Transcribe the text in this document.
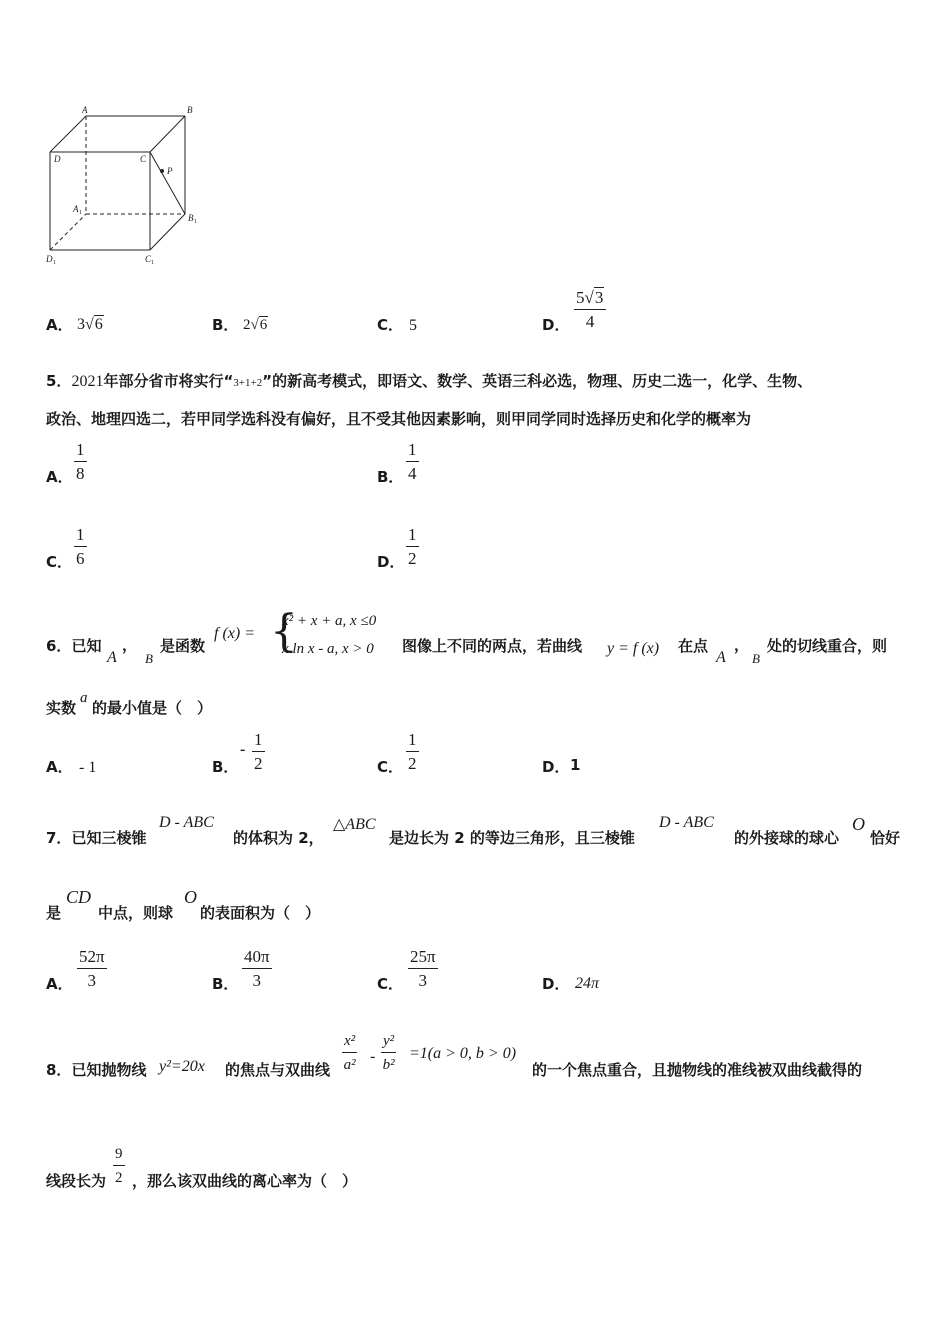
A	B
D	C
P
A
B
D	C
1
1
1	1
A． 3√6	B． 2√6	C． 5	D． $\frac{5√3}{4}$
5．2021年部分省市将实行“3+1+2”的新高考模式，即语文、数学、英语三科必选，物理、历史二选一，化学、生物、
政治、地理四选二，若甲同学选科没有偏好，且不受其他因素影响，则甲同学同时选择历史和化学的概率为
A． $\frac{1}{8}$	B． $\frac{1}{4}$
C． $\frac{1}{6}$	D． $\frac{1}{2}$
6．已知
A
，
B
是函数
f (x) = {
x² + x + a, x ≤0
x ln x - a, x > 0 图像上不同的两点，若曲线 y = f (x) 在点
A
，
B
处的切线重合，则
实数
a
的最小值是（　）
A． - 1	B．
- $\frac{1}{2}$	C． $\frac{1}{2}$	D． 1
7．已知三棱锥
D - ABC
的体积为 2，
△ABC
是边长为 2 的等边三角形，且三棱锥
D - ABC
的外接球的球心
O
恰好
是
CD
中点，则球
O
的表面积为（　）
A． $\frac{52\pi}{3}$	B． $\frac{40\pi}{3}$	C． $\frac{25\pi}{3}$	D． 24π
8．已知抛物线 y²=20x 的焦点与双曲线 $\frac{\text{x²}}{\text{a²}} - \frac{\text{y²}}{\text{b²}} =1(a > 0$, b > 0)
的一个焦点重合，且抛物线的准线被双曲线截得的
线段长为 $\frac{9}{2}$ ，那么该双曲线的离心率为（　）
